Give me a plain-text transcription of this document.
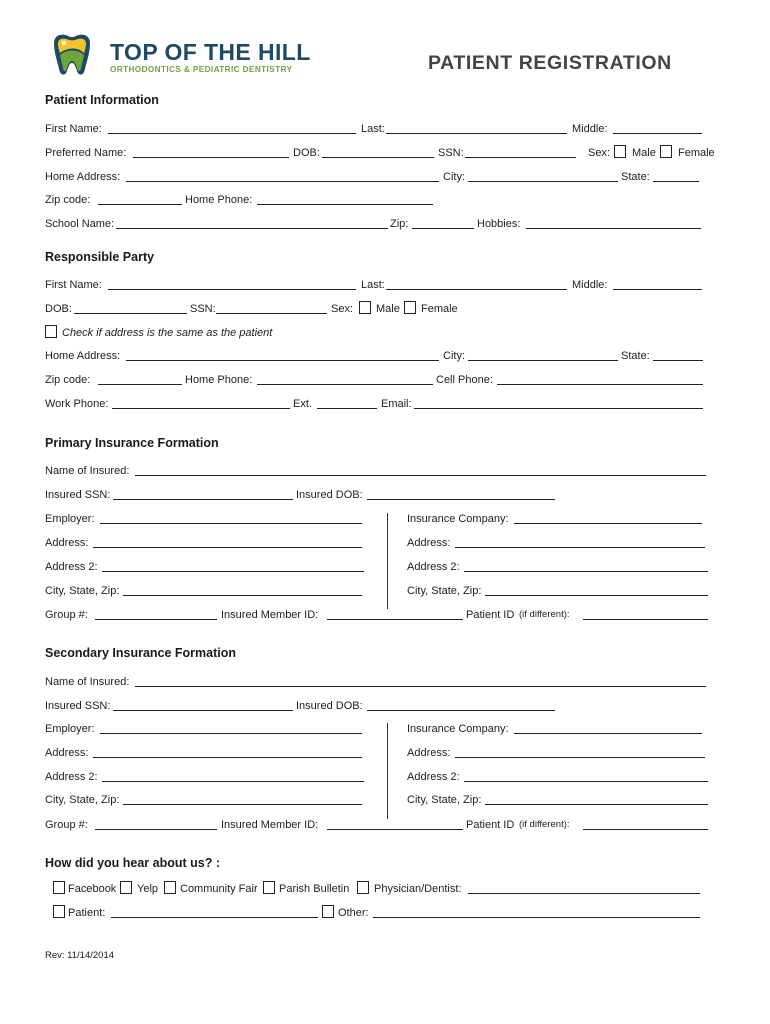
TOP OF THE HILL
ORTHODONTICS & PEDIATRIC DENTISTRY	PATIENT REGISTRATION
Patient Information
First Name:	Last:	Middle:
Preferred Name:	DOB:	SSN:	Sex: Male Female
Home Address:	City:	State:
Zip code:	Home Phone:
School Name:	Zip:	Hobbies:
Responsible Party
First Name:	Last:	Middle:
DOB:	SSN:	Sex: Male Female
Check if address is the same as the patient
Home Address:	City:	State:
Zip code:	Home Phone:	Cell Phone:
Work Phone:	Ext.	Email:
Primary Insurance Formation
Name of Insured:
Insured SSN:	Insured DOB:
Employer:	Insurance Company:
Address:	Address:
Address 2:	Address 2:
City, State, Zip:	City, State, Zip:
Group #:	Insured Member ID:	Patient ID (if different):
Secondary Insurance Formation
Name of Insured:
Insured SSN:	Insured DOB:
Employer:	Insurance Company:
Address:	Address:
Address 2:	Address 2:
City, State, Zip:	City, State, Zip:
Group #:	Insured Member ID:	Patient ID (if different):
How did you hear about us? :
Facebook Yelp Community Fair Parish Bulletin Physician/Dentist:
Patient:	Other:
Rev: 11/14/2014
